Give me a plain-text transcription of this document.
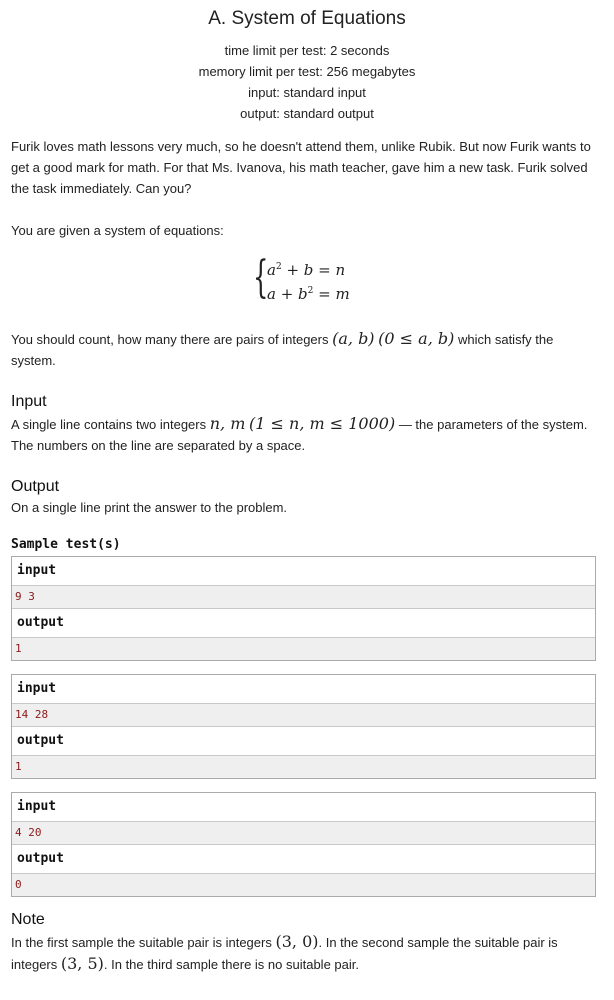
A. System of Equations
time limit per test: 2 seconds
memory limit per test: 256 megabytes
input: standard input
output: standard output
Furik loves math lessons very much, so he doesn't attend them, unlike Rubik. But now Furik wants to get a good mark for math. For that Ms. Ivanova, his math teacher, gave him a new task. Furik solved the task immediately. Can you?
You are given a system of equations:
{
$a^2 + b = n$
$a + b^2 = m$
You should count, how many there are pairs of integers (a, b) (0 ≤ a, b) which satisfy the system.
Input
A single line contains two integers n, m (1 ≤ n, m ≤ 1000) — the parameters of the system. The numbers on the line are separated by a space.
Output
On a single line print the answer to the problem.
Sample test(s)
input
9 3
output
1
input
14 28
output
1
input
4 20
output
0
Note
In the first sample the suitable pair is integers (3, 0). In the second sample the suitable pair is integers (3, 5). In the third sample there is no suitable pair.
